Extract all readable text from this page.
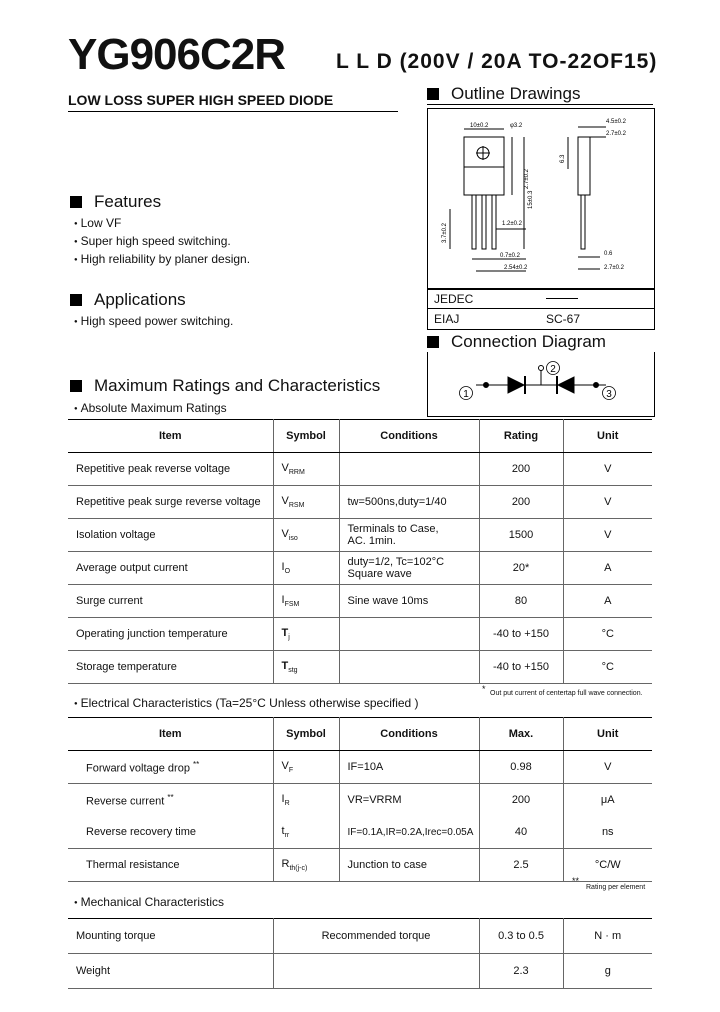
YG906C2R L L D (200V / 20A TO-22OF15)
LOW LOSS SUPER HIGH SPEED DIODE	Outline Drawings
10±0.2	φ3.2
4.5±0.2
2.7±0.2
1.2±0.2
0.7±0.2
2.54±0.2
0.6
2.7±0.2
2.7±0.2
15±0.3
3.7±0.2
6.3
JEDEC
EIAJ	SC-67
Connection Diagram
1
2
3
Features
● Low VF
● Super high speed switching.
● High reliability by planer design.
Applications
● High speed power switching.
Maximum Ratings and Characteristics
● Absolute Maximum Ratings
Item	Symbol	Conditions	Rating	Unit
Repetitive peak reverse voltage	$V_{RRM}$		200	V
Repetitive peak surge reverse voltage	$V_{RSM}$	tw=500ns,duty=1/40	200	V
Isolation voltage	$V_{iso}$	Terminals to Case,
AC. 1min.	1500	V
Average output current	$I_O$	duty=1/2, Tc=102°C
Square wave	20*	A
Surge current	$I_{FSM}$	Sine wave 10ms	80	A
Operating junction temperature	$T_j$		-40 to +150	°C
Storage temperature	$T_{stg}$		-40 to +150	°C
* Out put current of centertap full wave connection.
● Electrical Characteristics (Ta=25°C Unless otherwise specified )
Item	Symbol	Conditions	Max.	Unit
Forward voltage drop **	$V_F$	IF=10A	0.98	V
Reverse current **	$I_R$	VR=VRRM	200	μA
Reverse recovery time	$t_{rr}$	IF=0.1A,IR=0.2A,Irec=0.05A	40	ns
Thermal resistance	$R_{th(j-c)}$	Junction to case	2.5	°C/W
**
Rating per element
● Mechanical Characteristics
Mounting torque	Recommended torque	0.3 to 0.5	N · m
Weight		2.3	g
